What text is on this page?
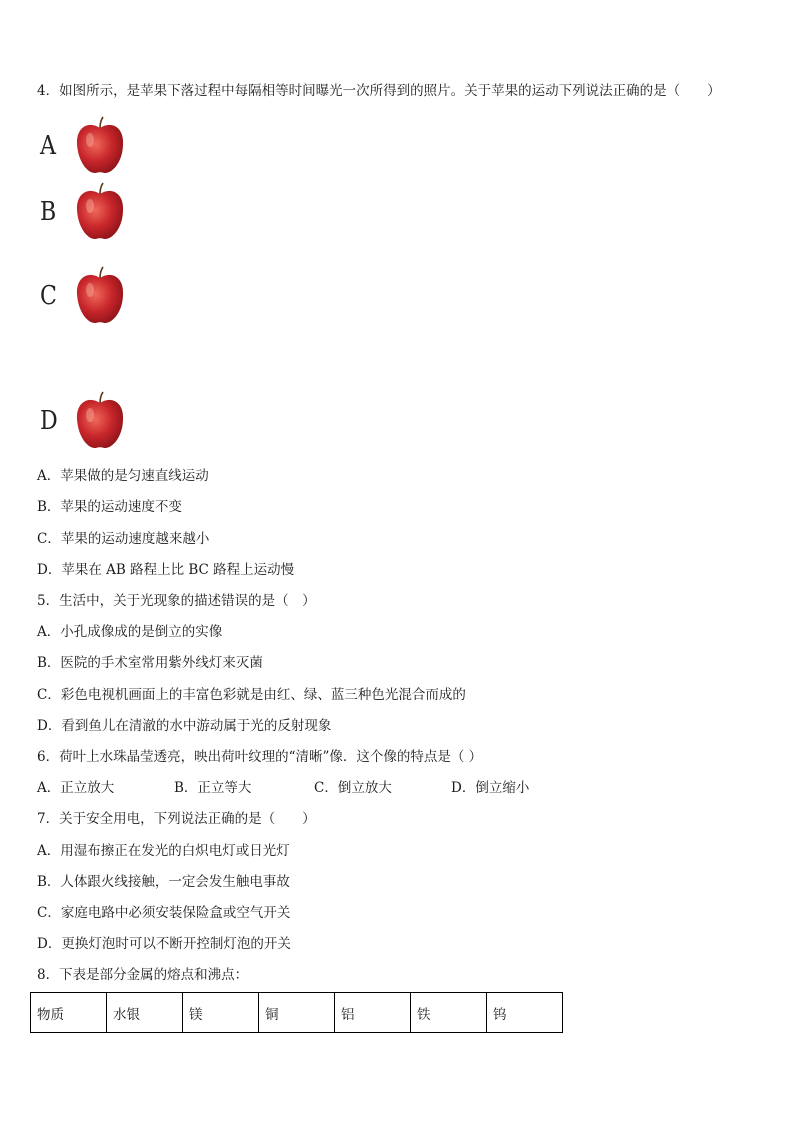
4．如图所示，是苹果下落过程中每隔相等时间曝光一次所得到的照片。关于苹果的运动下列说法正确的是（　　）
A
B
C
D
A．苹果做的是匀速直线运动
B．苹果的运动速度不变
C．苹果的运动速度越来越小
D．苹果在 AB 路程上比 BC 路程上运动慢
5．生活中，关于光现象的描述错误的是（　）
A．小孔成像成的是倒立的实像
B．医院的手术室常用紫外线灯来灭菌
C．彩色电视机画面上的丰富色彩就是由红、绿、蓝三种色光混合而成的
D．看到鱼儿在清澈的水中游动属于光的反射现象
6．荷叶上水珠晶莹透亮，映出荷叶纹理的“清晰”像．这个像的特点是（ ）
A．正立放大	B．正立等大	C．倒立放大	D．倒立缩小
7．关于安全用电，下列说法正确的是（　　）
A．用湿布擦正在发光的白炽电灯或日光灯
B．人体跟火线接触，一定会发生触电事故
C．家庭电路中必须安装保险盒或空气开关
D．更换灯泡时可以不断开控制灯泡的开关
8．下表是部分金属的熔点和沸点：
物质	水银	镁	铜	铝	铁	钨
